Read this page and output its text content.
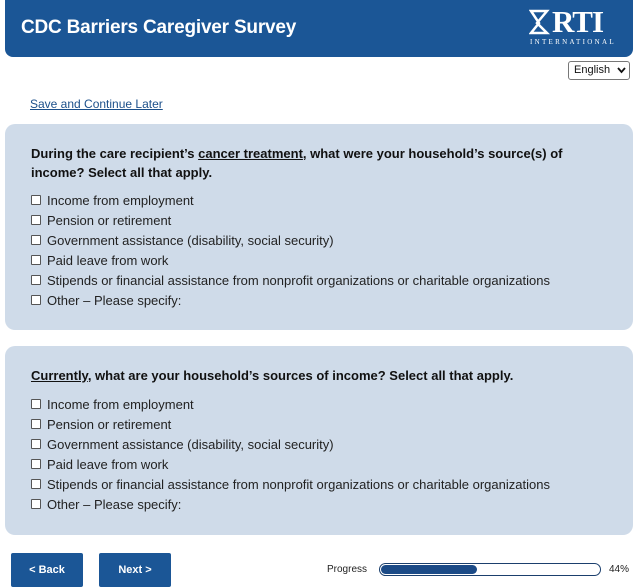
CDC Barriers Caregiver Survey	RTI
INTERNATIONAL
English
Save and Continue Later
During the care recipient’s cancer treatment, what were your household’s source(s) of income? Select all that apply.
Income from employment
Pension or retirement
Government assistance (disability, social security)
Paid leave from work
Stipends or financial assistance from nonprofit organizations or charitable organizations
Other – Please specify:
Currently, what are your household’s sources of income? Select all that apply.
Income from employment
Pension or retirement
Government assistance (disability, social security)
Paid leave from work
Stipends or financial assistance from nonprofit organizations or charitable organizations
Other – Please specify:
< Back	Next >	Progress	44%
